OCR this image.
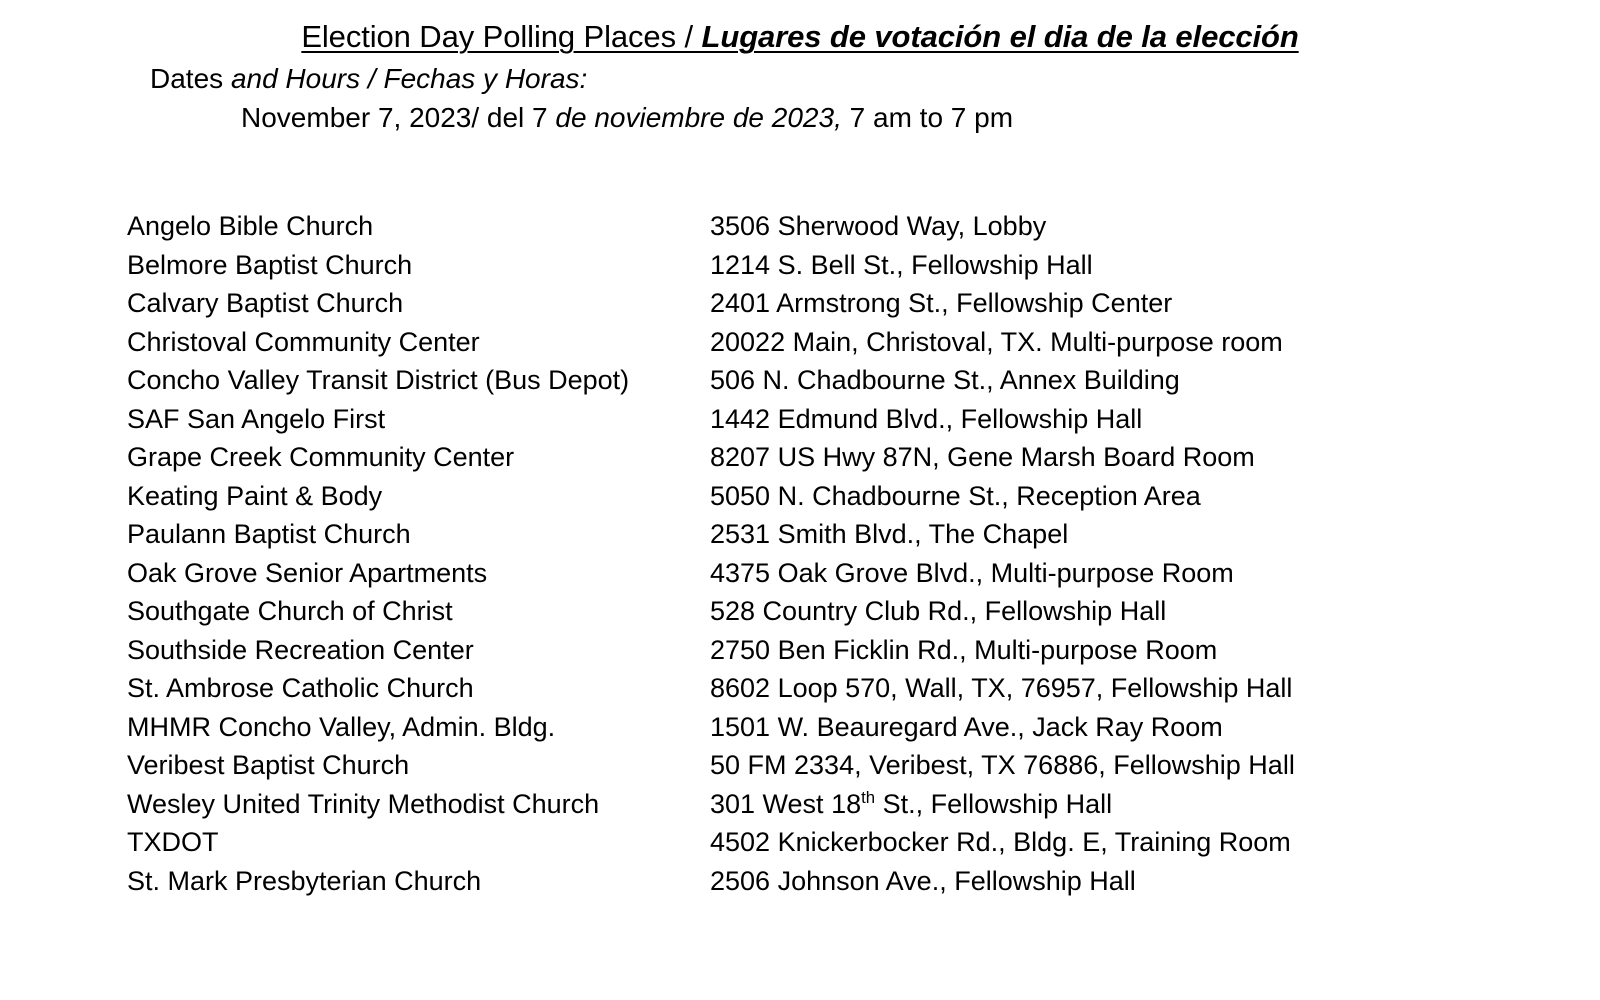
Election Day Polling Places / Lugares de votación el dia de la elección
Dates and Hours / Fechas y Horas:
November 7, 2023/ del 7 de noviembre de 2023, 7 am to 7 pm
Angelo Bible Church	3506 Sherwood Way, Lobby
Belmore Baptist Church	1214 S. Bell St., Fellowship Hall
Calvary Baptist Church	2401 Armstrong St., Fellowship Center
Christoval Community Center	20022 Main, Christoval, TX. Multi-purpose room
Concho Valley Transit District (Bus Depot)	506 N. Chadbourne St., Annex Building
SAF San Angelo First	1442 Edmund Blvd., Fellowship Hall
Grape Creek Community Center	8207 US Hwy 87N, Gene Marsh Board Room
Keating Paint & Body	5050 N. Chadbourne St., Reception Area
Paulann Baptist Church	2531 Smith Blvd., The Chapel
Oak Grove Senior Apartments	4375 Oak Grove Blvd., Multi-purpose Room
Southgate Church of Christ	528 Country Club Rd., Fellowship Hall
Southside Recreation Center	2750 Ben Ficklin Rd., Multi-purpose Room
St. Ambrose Catholic Church	8602 Loop 570, Wall, TX, 76957, Fellowship Hall
MHMR Concho Valley, Admin. Bldg.	1501 W. Beauregard Ave., Jack Ray Room
Veribest Baptist Church	50 FM 2334, Veribest, TX 76886, Fellowship Hall
Wesley United Trinity Methodist Church	301 West 18th St., Fellowship Hall
TXDOT	4502 Knickerbocker Rd., Bldg. E, Training Room
St. Mark Presbyterian Church	2506 Johnson Ave., Fellowship Hall
